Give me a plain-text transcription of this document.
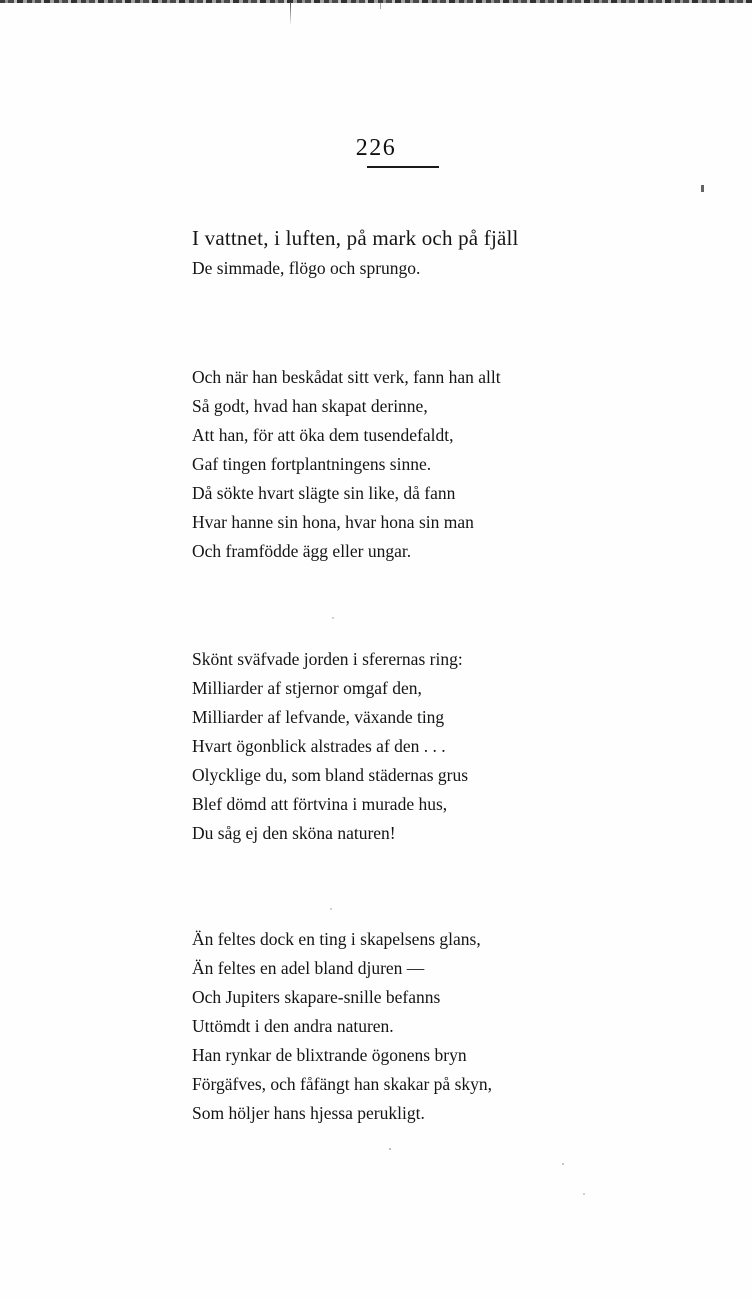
226
I vattnet, i luften, på mark och på fjäll
De simmade, flögo och sprungo.
Och när han beskådat sitt verk, fann han allt
Så godt, hvad han skapat derinne,
Att han, för att öka dem tusendefaldt,
Gaf tingen fortplantningens sinne.
Då sökte hvart slägte sin like, då fann
Hvar hanne sin hona, hvar hona sin man
Och framfödde ägg eller ungar.
Skönt sväfvade jorden i sferernas ring:
Milliarder af stjernor omgaf den,
Milliarder af lefvande, växande ting
Hvart ögonblick alstrades af den . . .
Olycklige du, som bland städernas grus
Blef dömd att förtvina i murade hus,
Du såg ej den sköna naturen!
Än feltes dock en ting i skapelsens glans,
Än feltes en adel bland djuren —
Och Jupiters skapare-snille befanns
Uttömdt i den andra naturen.
Han rynkar de blixtrande ögonens bryn
Förgäfves, och fåfängt han skakar på skyn,
Som höljer hans hjessa perukligt.
